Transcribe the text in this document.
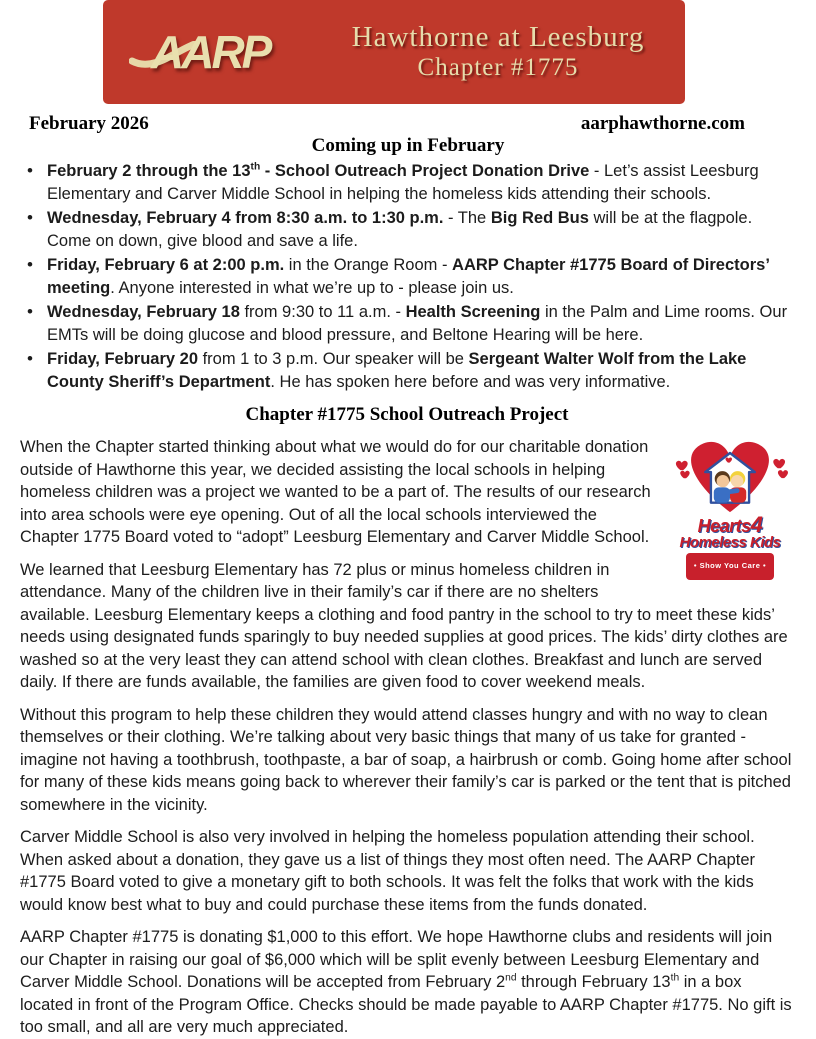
AARP	Hawthorne at Leesburg
Chapter #1775
February 2026	aarphawthorne.com
Coming up in February
• February 2 through the 13th - School Outreach Project Donation Drive - Let’s assist Leesburg Elementary and Carver Middle School in helping the homeless kids attending their schools.
• Wednesday, February 4 from 8:30 a.m. to 1:30 p.m. - The Big Red Bus will be at the flagpole. Come on down, give blood and save a life.
• Friday, February 6 at 2:00 p.m. in the Orange Room - AARP Chapter #1775 Board of Directors’ meeting. Anyone interested in what we’re up to - please join us.
• Wednesday, February 18 from 9:30 to 11 a.m. - Health Screening in the Palm and Lime rooms. Our EMTs will be doing glucose and blood pressure, and Beltone Hearing will be here.
• Friday, February 20 from 1 to 3 p.m. Our speaker will be Sergeant Walter Wolf from the Lake County Sheriff’s Department. He has spoken here before and was very informative.
Chapter #1775 School Outreach Project
Hearts4
Homeless Kids
• Show You Care •

When the Chapter started thinking about what we would do for our charitable donation outside of Hawthorne this year, we decided assisting the local schools in helping homeless children was a project we wanted to be a part of. The results of our research into area schools were eye opening. Out of all the local schools interviewed the Chapter 1775 Board voted to “adopt” Leesburg Elementary and Carver Middle School.

We learned that Leesburg Elementary has 72 plus or minus homeless children in attendance. Many of the children live in their family’s car if there are no shelters available. Leesburg Elementary keeps a clothing and food pantry in the school to try to meet these kids’ needs using designated funds sparingly to buy needed supplies at good prices. The kids’ dirty clothes are washed so at the very least they can attend school with clean clothes. Breakfast and lunch are served daily. If there are funds available, the families are given food to cover weekend meals.

Without this program to help these children they would attend classes hungry and with no way to clean themselves or their clothing. We’re talking about very basic things that many of us take for granted - imagine not having a toothbrush, toothpaste, a bar of soap, a hairbrush or comb. Going home after school for many of these kids means going back to wherever their family’s car is parked or the tent that is pitched somewhere in the vicinity.

Carver Middle School is also very involved in helping the homeless population attending their school. When asked about a donation, they gave us a list of things they most often need. The AARP Chapter #1775 Board voted to give a monetary gift to both schools. It was felt the folks that work with the kids would know best what to buy and could purchase these items from the funds donated.

AARP Chapter #1775 is donating $1,000 to this effort. We hope Hawthorne clubs and residents will join our Chapter in raising our goal of $6,000 which will be split evenly between Leesburg Elementary and Carver Middle School. Donations will be accepted from February 2nd through February 13th in a box located in front of the Program Office. Checks should be made payable to AARP Chapter #1775. No gift is too small, and all are very much appreciated.
